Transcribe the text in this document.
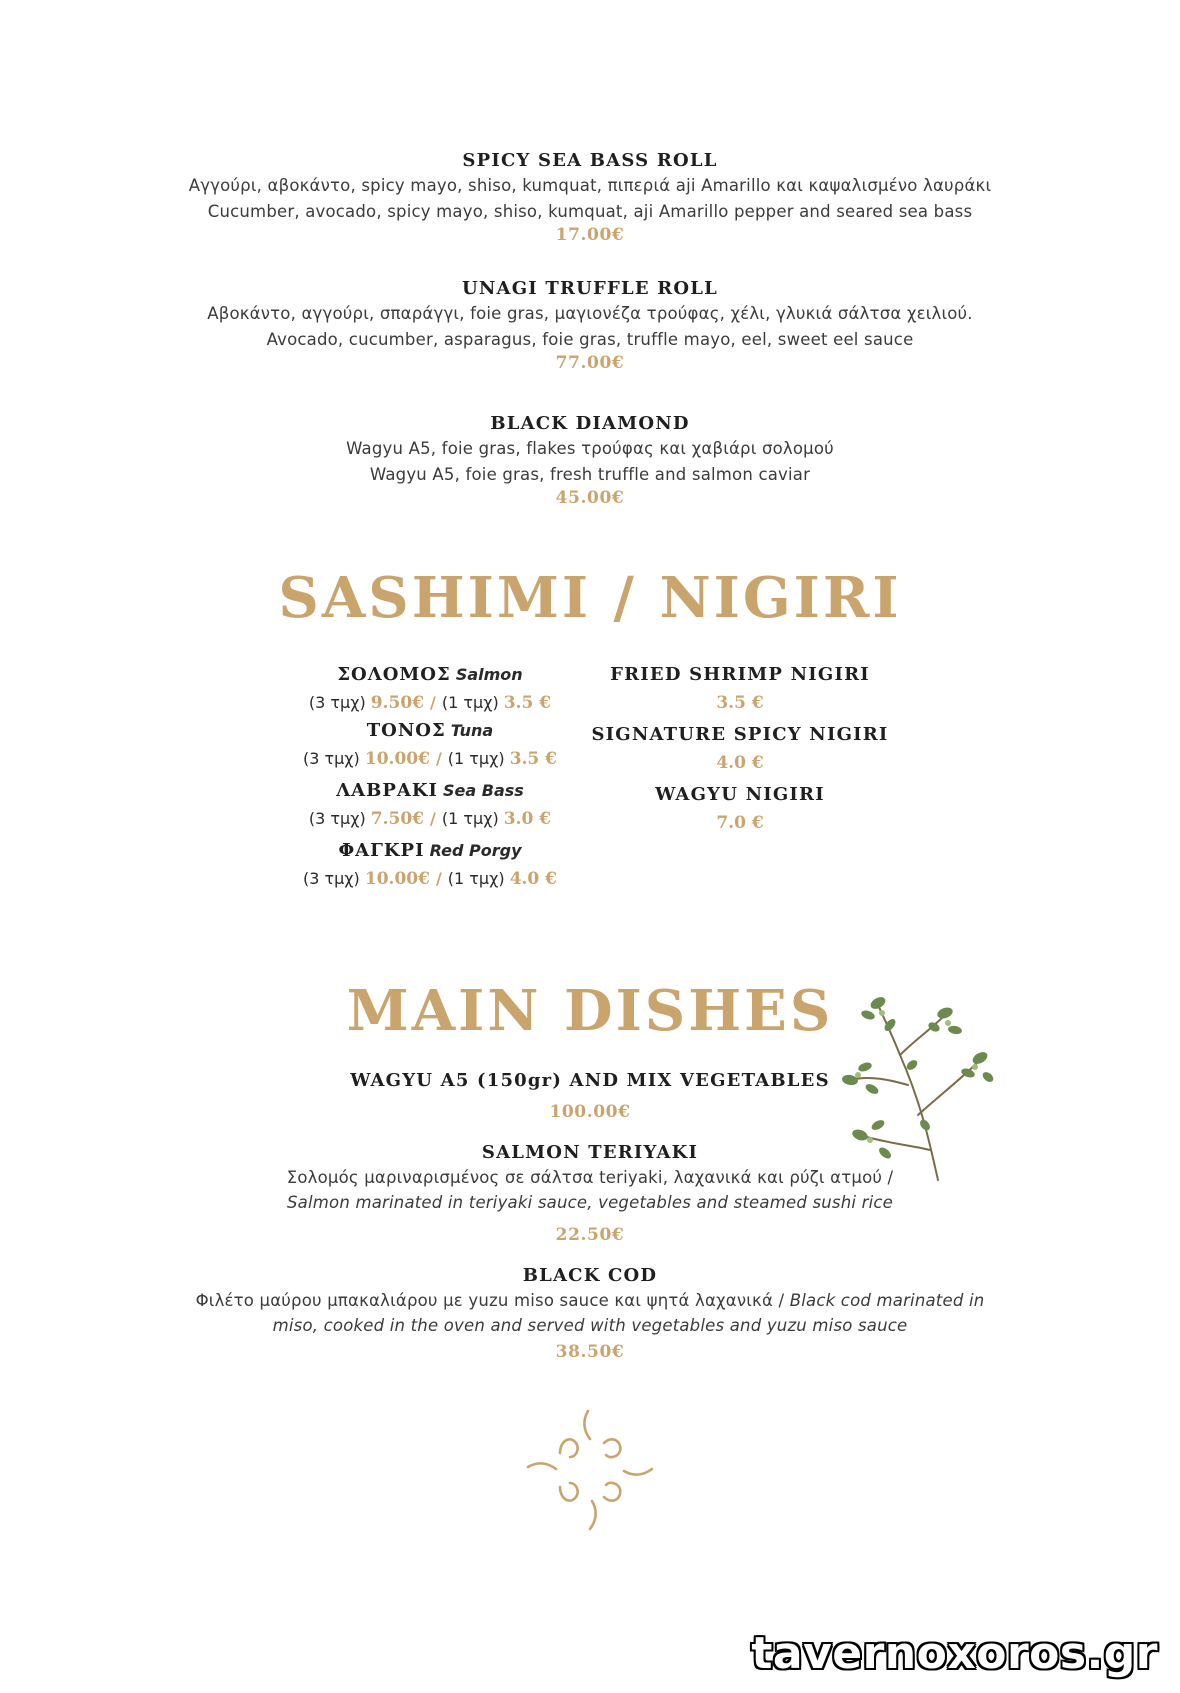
SPICY SEA BASS ROLL
Αγγούρι, αβοκάντο, spicy mayo, shiso, kumquat, πιπεριά aji Amarillo και καψαλισμένο λαυράκι
Cucumber, avocado, spicy mayo, shiso, kumquat, aji Amarillo pepper and seared sea bass
17.00€
UNAGI TRUFFLE ROLL
Αβοκάντο, αγγούρι, σπαράγγι, foie gras, μαγιονέζα τρούφας, χέλι, γλυκιά σάλτσα χειλιού.
Avocado, cucumber, asparagus, foie gras, truffle mayo, eel, sweet eel sauce
77.00€
BLACK DIAMOND
Wagyu A5, foie gras, flakes τρούφας και χαβιάρι σολομού
Wagyu A5, foie gras, fresh truffle and salmon caviar
45.00€
SASHIMI / NIGIRI
ΣΟΛΟΜΟΣ Salmon
(3 τμχ) 9.50€ / (1 τμχ) 3.5 €
ΤΟΝΟΣ Tuna
(3 τμχ) 10.00€ / (1 τμχ) 3.5 €
ΛΑΒΡΑΚΙ Sea Bass
(3 τμχ) 7.50€ / (1 τμχ) 3.0 €
ΦΑΓΚΡΙ Red Porgy
(3 τμχ) 10.00€ / (1 τμχ) 4.0 €
FRIED SHRIMP NIGIRI
3.5 €
SIGNATURE SPICY NIGIRI
4.0 €
WAGYU NIGIRI
7.0 €
MAIN DISHES
WAGYU A5 (150gr) AND MIX VEGETABLES
100.00€
SALMON TERIYAKI
Σολομός μαριναρισμένος σε σάλτσα teriyaki, λαχανικά και ρύζι ατμού /
Salmon marinated in teriyaki sauce, vegetables and steamed sushi rice
22.50€
BLACK COD
Φιλέτο μαύρου μπακαλιάρου με yuzu miso sauce και ψητά λαχανικά / Black cod marinated in
miso, cooked in the oven and served with vegetables and yuzu miso sauce
38.50€
tavernoxoros.gr
